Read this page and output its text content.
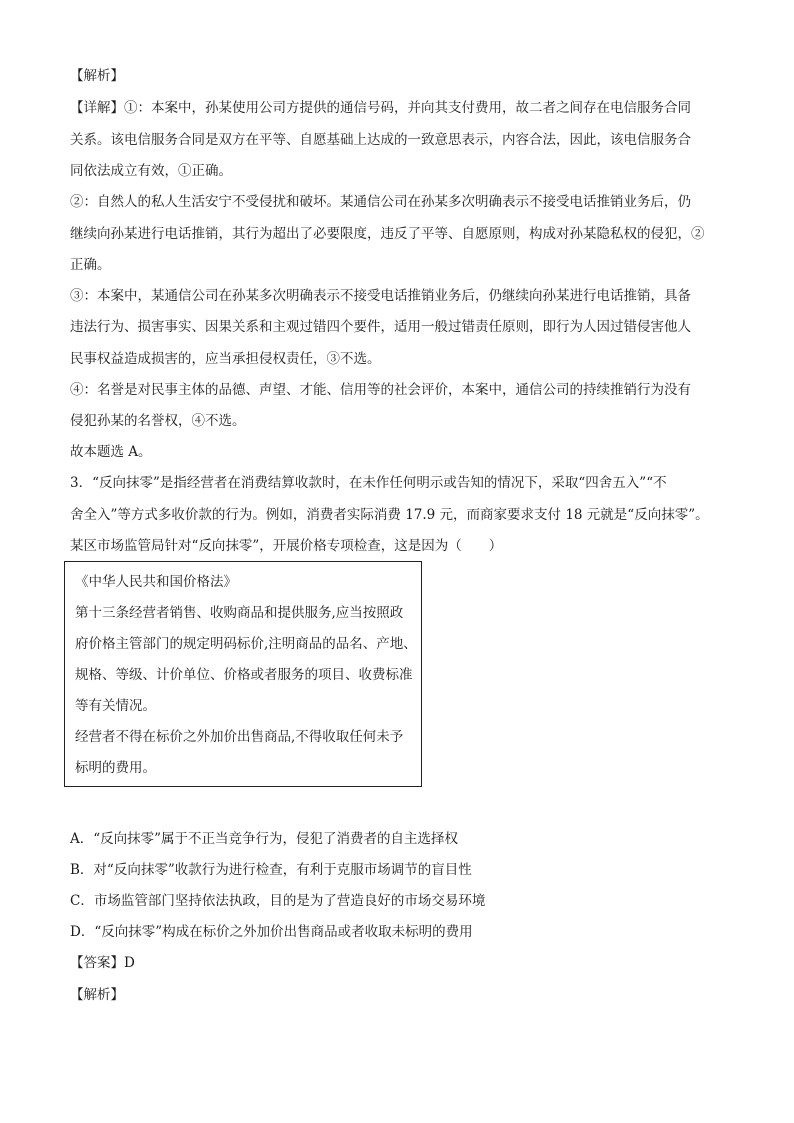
【解析】
【详解】①：本案中，孙某使用公司方提供的通信号码，并向其支付费用，故二者之间存在电信服务合同
关系。该电信服务合同是双方在平等、自愿基础上达成的一致意思表示，内容合法，因此，该电信服务合
同依法成立有效，①正确。
②：自然人的私人生活安宁不受侵扰和破坏。某通信公司在孙某多次明确表示不接受电话推销业务后，仍
继续向孙某进行电话推销，其行为超出了必要限度，违反了平等、自愿原则，构成对孙某隐私权的侵犯，②
正确。
③：本案中，某通信公司在孙某多次明确表示不接受电话推销业务后，仍继续向孙某进行电话推销，具备
违法行为、损害事实、因果关系和主观过错四个要件，适用一般过错责任原则，即行为人因过错侵害他人
民事权益造成损害的，应当承担侵权责任，③不选。
④：名誉是对民事主体的品德、声望、才能、信用等的社会评价，本案中，通信公司的持续推销行为没有
侵犯孙某的名誉权，④不选。
故本题选 A。
3．“反向抹零”是指经营者在消费结算收款时，在未作任何明示或告知的情况下，采取“四舍五入”“不
舍全入”等方式多收价款的行为。例如，消费者实际消费 17.9 元，而商家要求支付 18 元就是“反向抹零”。
某区市场监管局针对“反向抹零”，开展价格专项检查，这是因为（　　）
《中华人民共和国价格法》
第十三条经营者销售、收购商品和提供服务,应当按照政
府价格主管部门的规定明码标价,注明商品的品名、产地、
规格、等级、计价单位、价格或者服务的项目、收费标准
等有关情况。
经营者不得在标价之外加价出售商品,不得收取任何未予
标明的费用。
A．“反向抹零”属于不正当竞争行为，侵犯了消费者的自主选择权
B．对“反向抹零”收款行为进行检查，有利于克服市场调节的盲目性
C．市场监管部门坚持依法执政，目的是为了营造良好的市场交易环境
D．“反向抹零”构成在标价之外加价出售商品或者收取未标明的费用
【答案】D
【解析】
